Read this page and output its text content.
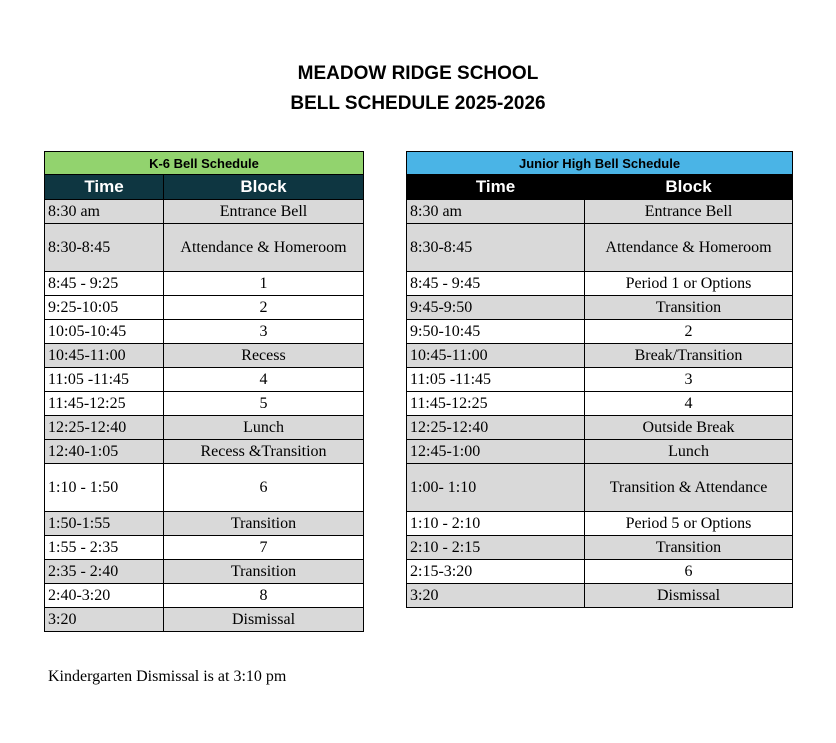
MEADOW RIDGE SCHOOL
BELL SCHEDULE 2025-2026
K-6 Bell Schedule	
Time	Block
8:30 am	Entrance Bell
8:30-8:45	Attendance & Homeroom
8:45 - 9:25	1
9:25-10:05	2
10:05-10:45	3
10:45-11:00	Recess
11:05 -11:45	4
11:45-12:25	5
12:25-12:40	Lunch
12:40-1:05	Recess &Transition
1:10 - 1:50	6
1:50-1:55	Transition
1:55 - 2:35	7
2:35 - 2:40	Transition
2:40-3:20	8
3:20	Dismissal
Junior High Bell Schedule	
Time	Block
8:30 am	Entrance Bell
8:30-8:45	Attendance & Homeroom
8:45 - 9:45	Period 1 or Options
9:45-9:50	Transition
9:50-10:45	2
10:45-11:00	Break/Transition
11:05 -11:45	3
11:45-12:25	4
12:25-12:40	Outside Break
12:45-1:00	Lunch
1:00- 1:10	Transition & Attendance
1:10 - 2:10	Period 5 or Options
2:10 - 2:15	Transition
2:15-3:20	6
3:20	Dismissal
Kindergarten Dismissal is at 3:10 pm
